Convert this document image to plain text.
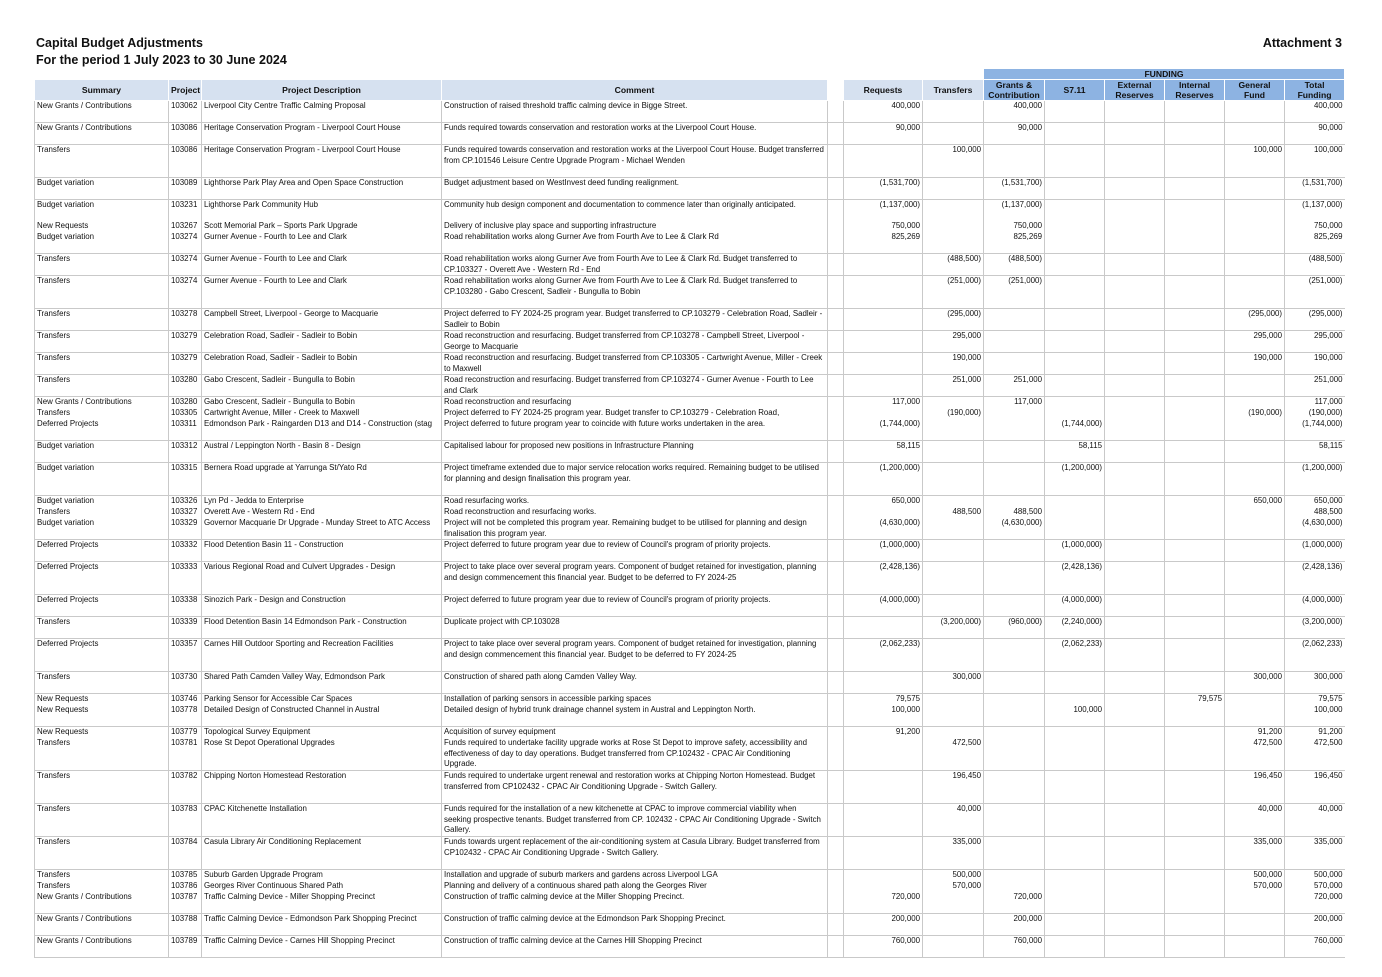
Capital Budget Adjustments
For the period 1 July 2023 to 30 June 2024
Attachment 3
							FUNDING					
Summary	Project	Project Description	Comment		Requests	Transfers	Grants & Contribution	S7.11	External Reserves	Internal Reserves	General Fund	Total Funding
New Grants / Contributions	103062	Liverpool City Centre Traffic Calming Proposal	Construction of raised threshold traffic calming device in Bigge Street.		400,000		400,000					400,000
New Grants / Contributions	103086	Heritage Conservation Program - Liverpool Court House	Funds required towards conservation and restoration works at the Liverpool Court House.		90,000		90,000					90,000
Transfers	103086	Heritage Conservation Program - Liverpool Court House	Funds required towards conservation and restoration works at the Liverpool Court House. Budget transferred from CP.101546 Leisure Centre Upgrade Program - Michael Wenden			100,000					100,000	100,000
Budget variation	103089	Lighthorse Park Play Area and Open Space Construction	Budget adjustment based on WestInvest deed funding realignment.		(1,531,700)		(1,531,700)					(1,531,700)
Budget variation	103231	Lighthorse Park Community Hub	Community hub design component and documentation to commence later than originally anticipated.		(1,137,000)		(1,137,000)					(1,137,000)
New Requests	103267	Scott Memorial Park – Sports Park Upgrade	Delivery of inclusive play space and supporting infrastructure		750,000		750,000					750,000
Budget variation	103274	Gurner Avenue - Fourth to Lee and Clark	Road rehabilitation works along Gurner Ave from Fourth Ave to Lee & Clark Rd		825,269		825,269					825,269
Transfers	103274	Gurner Avenue - Fourth to Lee and Clark	Road rehabilitation works along Gurner Ave from Fourth Ave to Lee & Clark Rd. Budget transferred to CP.103327 - Overett Ave - Western Rd - End			(488,500)	(488,500)					(488,500)
Transfers	103274	Gurner Avenue - Fourth to Lee and Clark	Road rehabilitation works along Gurner Ave from Fourth Ave to Lee & Clark Rd. Budget transferred to CP.103280 - Gabo Crescent, Sadleir - Bungulla to Bobin			(251,000)	(251,000)					(251,000)
Transfers	103278	Campbell Street, Liverpool - George to Macquarie	Project deferred to FY 2024-25 program year. Budget transferred to CP.103279 - Celebration Road, Sadleir - Sadleir to Bobin			(295,000)					(295,000)	(295,000)
Transfers	103279	Celebration Road, Sadleir - Sadleir to Bobin	Road reconstruction and resurfacing. Budget transferred from CP.103278 - Campbell Street, Liverpool - George to Macquarie			295,000					295,000	295,000
Transfers	103279	Celebration Road, Sadleir - Sadleir to Bobin	Road reconstruction and resurfacing. Budget transferred from CP.103305 - Cartwright Avenue, Miller - Creek to Maxwell			190,000					190,000	190,000
Transfers	103280	Gabo Crescent, Sadleir - Bungulla to Bobin	Road reconstruction and resurfacing. Budget transferred from CP.103274 - Gurner Avenue - Fourth to Lee and Clark			251,000	251,000					251,000
New Grants / Contributions	103280	Gabo Crescent, Sadleir - Bungulla to Bobin	Road reconstruction and resurfacing		117,000		117,000					117,000
Transfers	103305	Cartwright Avenue, Miller - Creek to Maxwell	Project deferred to FY 2024-25 program year. Budget transfer to CP.103279 - Celebration Road,			(190,000)					(190,000)	(190,000)
Deferred Projects	103311	Edmondson Park - Raingarden D13 and D14 - Construction (stag	Project deferred to future program year to coincide with future works undertaken in the area.		(1,744,000)			(1,744,000)				(1,744,000)
Budget variation	103312	Austral / Leppington North - Basin 8 - Design	Capitalised labour for proposed new positions in Infrastructure Planning		58,115			58,115				58,115
Budget variation	103315	Bernera Road upgrade at Yarrunga St/Yato Rd	Project timeframe extended due to major service relocation works required. Remaining budget to be utilised for planning and design finalisation this program year.		(1,200,000)			(1,200,000)				(1,200,000)
Budget variation	103326	Lyn Pd - Jedda to Enterprise	Road resurfacing works.		650,000						650,000	650,000
Transfers	103327	Overett Ave - Western Rd - End	Road reconstruction and resurfacing works.			488,500	488,500					488,500
Budget variation	103329	Governor Macquarie Dr Upgrade - Munday Street to ATC Access	Project will not be completed this program year. Remaining budget to be utilised for planning and design finalisation this program year.		(4,630,000)		(4,630,000)					(4,630,000)
Deferred Projects	103332	Flood Detention Basin 11 - Construction	Project deferred to future program year due to review of Council's program of priority projects.		(1,000,000)			(1,000,000)				(1,000,000)
Deferred Projects	103333	Various Regional Road and Culvert Upgrades - Design	Project to take place over several program years. Component of budget retained for investigation, planning and design commencement this financial year. Budget to be deferred to FY 2024-25		(2,428,136)			(2,428,136)				(2,428,136)
Deferred Projects	103338	Sinozich Park - Design and Construction	Project deferred to future program year due to review of Council's program of priority projects.		(4,000,000)			(4,000,000)				(4,000,000)
Transfers	103339	Flood Detention Basin 14 Edmondson Park - Construction	Duplicate project with CP.103028			(3,200,000)	(960,000)	(2,240,000)				(3,200,000)
Deferred Projects	103357	Carnes Hill Outdoor Sporting and Recreation Facilities	Project to take place over several program years. Component of budget retained for investigation, planning and design commencement this financial year. Budget to be deferred to FY 2024-25		(2,062,233)			(2,062,233)				(2,062,233)
Transfers	103730	Shared Path Camden Valley Way, Edmondson Park	Construction of shared path along Camden Valley Way.			300,000					300,000	300,000
New Requests	103746	Parking Sensor for Accessible Car Spaces	Installation of parking sensors in accessible parking spaces		79,575					79,575		79,575
New Requests	103778	Detailed Design of Constructed Channel in Austral	Detailed design of hybrid trunk drainage channel system in Austral and Leppington North.		100,000			100,000				100,000
New Requests	103779	Topological Survey Equipment	Acquisition of survey equipment		91,200						91,200	91,200
Transfers	103781	Rose St Depot Operational Upgrades	Funds required to undertake facility upgrade works at Rose St Depot to improve safety, accessibility and effectiveness of day to day operations. Budget transferred from CP.102432 - CPAC Air Conditioning Upgrade.			472,500					472,500	472,500
Transfers	103782	Chipping Norton Homestead Restoration	Funds required to undertake urgent renewal and restoration works at Chipping Norton Homestead. Budget transferred from CP102432 - CPAC Air Conditioning Upgrade - Switch Gallery.			196,450					196,450	196,450
Transfers	103783	CPAC Kitchenette Installation	Funds required for the installation of a new kitchenette at CPAC to improve commercial viability when seeking prospective tenants. Budget transferred from CP. 102432 - CPAC Air Conditioning Upgrade - Switch Gallery.			40,000					40,000	40,000
Transfers	103784	Casula Library Air Conditioning Replacement	Funds towards urgent replacement of the air-conditioning system at Casula Library. Budget transferred from CP102432 - CPAC Air Conditioning Upgrade - Switch Gallery.			335,000					335,000	335,000
Transfers	103785	Suburb Garden Upgrade Program	Installation and upgrade of suburb markers and gardens across Liverpool LGA			500,000					500,000	500,000
Transfers	103786	Georges River Continuous Shared Path	Planning and delivery of a continuous shared path along the Georges River			570,000					570,000	570,000
New Grants / Contributions	103787	Traffic Calming Device - Miller Shopping Precinct	Construction of traffic calming device at the Miller Shopping Precinct.		720,000		720,000					720,000
New Grants / Contributions	103788	Traffic Calming Device - Edmondson Park Shopping Precinct	Construction of traffic calming device at the Edmondson Park Shopping Precinct.		200,000		200,000					200,000
New Grants / Contributions	103789	Traffic Calming Device - Carnes Hill Shopping Precinct	Construction of traffic calming device at the Carnes Hill Shopping Precinct		760,000		760,000					760,000
